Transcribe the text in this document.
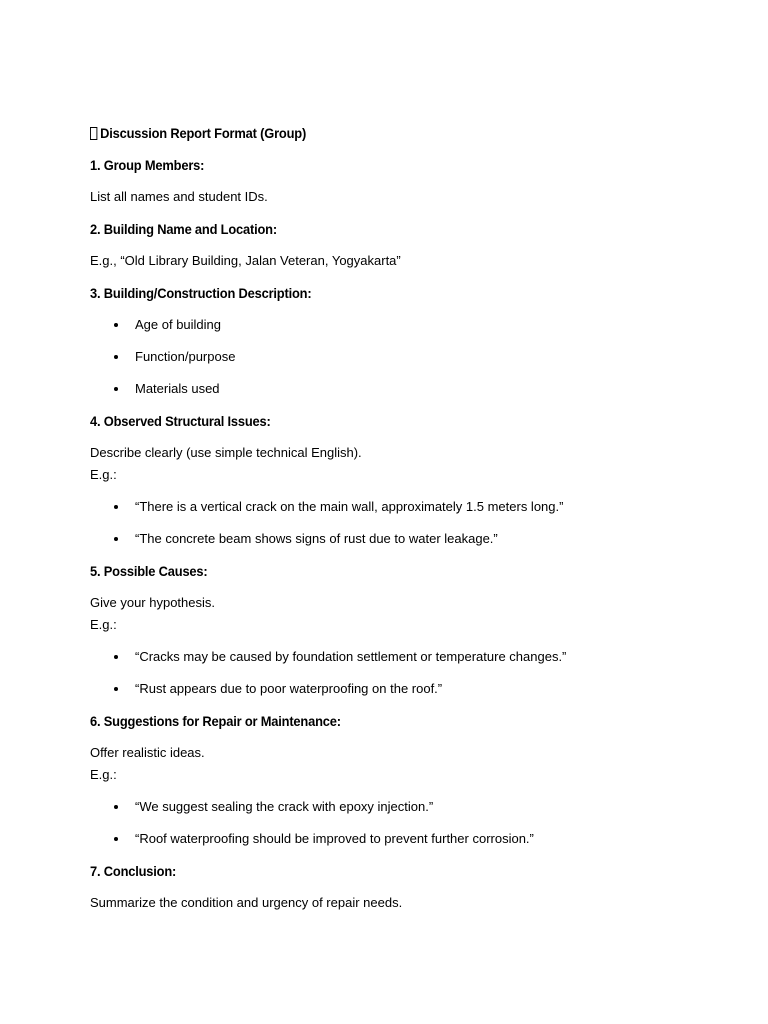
Discussion Report Format (Group)
1. Group Members:
List all names and student IDs.
2. Building Name and Location:
E.g., “Old Library Building, Jalan Veteran, Yogyakarta”
3. Building/Construction Description:
Age of building
Function/purpose
Materials used
4. Observed Structural Issues:
Describe clearly (use simple technical English).
E.g.:
“There is a vertical crack on the main wall, approximately 1.5 meters long.”
“The concrete beam shows signs of rust due to water leakage.”
5. Possible Causes:
Give your hypothesis.
E.g.:
“Cracks may be caused by foundation settlement or temperature changes.”
“Rust appears due to poor waterproofing on the roof.”
6. Suggestions for Repair or Maintenance:
Offer realistic ideas.
E.g.:
“We suggest sealing the crack with epoxy injection.”
“Roof waterproofing should be improved to prevent further corrosion.”
7. Conclusion:
Summarize the condition and urgency of repair needs.
